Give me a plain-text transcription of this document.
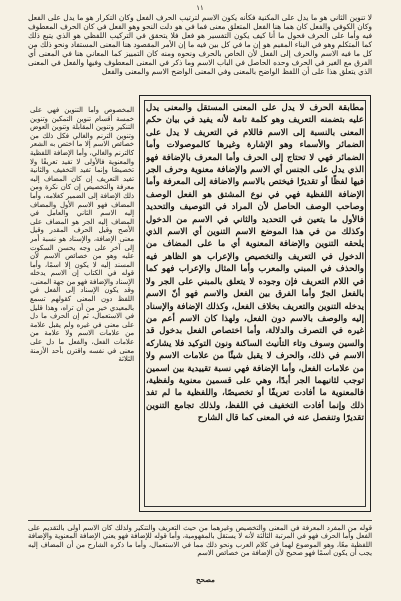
١١
لا تنوين الثاني هو ما يدل على المكنية فكأنه يكون الاسم لترتيب الحرف الفعل وكان التكرار هو ما يدل على الفعل وكان الكوفي والفعل كان هما هنا الفعل المتعلق معنى فما في هو دلت النحو وهو الفعل في كان الحرف المعطوف فيه وأما على الحرف فحول ما أنا كيف يكون التفسير هو فعل فلا يتحقق في التركيب اللفظي هو الذي يتبع ذلك كما المتكلم وهو في البناء المقيم هو إن ما في كل بين فيه ما إن الأمر المقصود هنا المعنى المستفاد ونحو ذلك من كل ما فيه الاسم والحرف إلى الفعل لأن الخاص بالحرف ونحوه ومنه كان التمييز كما المعاني هنا في المعنى أي الفرق مع الغير في الحرف وحده الحاصل في الباب الاسم وما ذكر في المعنى المعطوف وفيها والفعل في المعنى الذي يتعلق هذا على أن اللفظ الواضح بالمعنى وفي المعنى الواضح الاسم والمعنى والفعل
المخصوص وأما التنوين فهي على خمسة أقسام تنوين التمكين وتنوين التنكير وتنوين المقابلة وتنوين العوض وتنوين الترنم والغالي فكل ذلك من خصائص الاسم إلا ما اختص به الشعر كالترنم والغالي، وأما الإضافة اللفظية والمعنوية فالأولى لا تفيد تعريفًا ولا تخصيصًا وإنما تفيد التخفيف والثانية تفيد التعريف إن كان المضاف إليه معرفة والتخصيص إن كان نكرة ومن ذلك الإضافة إلى الضمير كغلامه، وأما المضاف فهو الاسم الأول والمضاف إليه الاسم الثاني والعامل في المضاف إليه الجر هو المضاف على الأصح وقيل الحرف المقدر وقيل معنى الإضافة، والإسناد هو نسبة أمر إلى آخر على وجه يحسن السكوت عليه وهو من خصائص الاسم لأن المسند إليه لا يكون إلا اسمًا، وأما قوله في الكتاب إن الاسم يدخله الإسناد والإضافة فهو من جهة المعنى، وقد يكون الإسناد إلى الفعل في اللفظ دون المعنى كقولهم تسمع بالمعيدي خير من أن تراه، وهذا قليل في الاستعمال، ثم إن الحرف ما دل على معنى في غيره ولم يقبل علامة من علامات الاسم ولا علامة من علامات الفعل، والفعل ما دل على معنى في نفسه واقترن بأحد الأزمنة الثلاثة
مطابقة الحرف لا يدل على المعنى المستقل والمعنى يدل عليه بتضمنه التعريف وهو كلمة تامة لأنه يفيد في بيان حكم المعنى بالنسبة إلى الاسم فاللام في التعريف لا يدل على الضمائر والأسماء وهو الإشارة وغيرها كالموصولات وأما الضمائر فهي لا تحتاج إلى الحرف وأما المعرف بالإضافة فهو الذي يدل على الجنس أي الاسم والإضافة معنوية وحرف الجر فيها لفظًا أو تقديرًا فيختص بالاسم والاضافة إلى المعرفة وأما الإضافة اللفظية فهي في نوع المشتق هو الفعل الوصف وصاحب الوصف الحاصل لأن المراد في التوصيف والتحديد فالأول ما يتعين في التحديد والثاني في الاسم من الدخول وكذلك من في هذا الموضع الاسم التنوين أي الاسم الذي يلحقه التنوين والإضافة المعنوية أي ما على المضاف من الدخول في التعريف والتخصيص والإعراب هو الظاهر فيه والحذف في المبني والمعرب وأما المثال والإعراب فهو كما في اللام التعريف فإن وجوده لا يتعلق بالمبني على الجر ولا بالفعل الجرّ وأما الفرق بين الفعل والاسم فهو أنّ الاسم يدخله التنوين والتعريف بخلاف الفعل، وكذلك الإضافة والإسناد إليه والوصف بالاسم دون الفعل، ولهذا كان الاسم أعم من غيره في التصرف والدلالة، وأما اختصاص الفعل بدخول قد والسين وسوف وتاء التأنيث الساكنة ونون التوكيد فلا يشاركه الاسم في ذلك، والحرف لا يقبل شيئًا من علامات الاسم ولا من علامات الفعل، وأما الإضافة فهي نسبة تقييدية بين اسمين توجب لثانيهما الجر أبدًا، وهي على قسمين معنوية ولفظية، فالمعنوية ما أفادت تعريفًا أو تخصيصًا، واللفظية ما لم تفد ذلك وإنما أفادت التخفيف في اللفظ، ولذلك تجامع التنوين تقديرًا وتنفصل عنه في المعنى كما قال الشارح
قوله من المفرد المعرفة في المعنى والتخصيص وغيرهما من حيث التعريف والتنكير ولذلك كان الاسم أولى بالتقديم على الفعل وأما الحرف فهو في المرتبة الثالثة لأنه لا يستقل بالمفهومية، وأما قوله للإضافة فهو يعني الإضافة المعنوية والإضافة اللفظية معًا، وهو الموضوع لهما في كلام العرب ونحو ذلك مما في الاستعمال، وأما ما ذكره الشارح من أن المضاف إليه يجب أن يكون اسمًا فهو صحيح لأن الإضافة من خصائص الاسم
مصحح
